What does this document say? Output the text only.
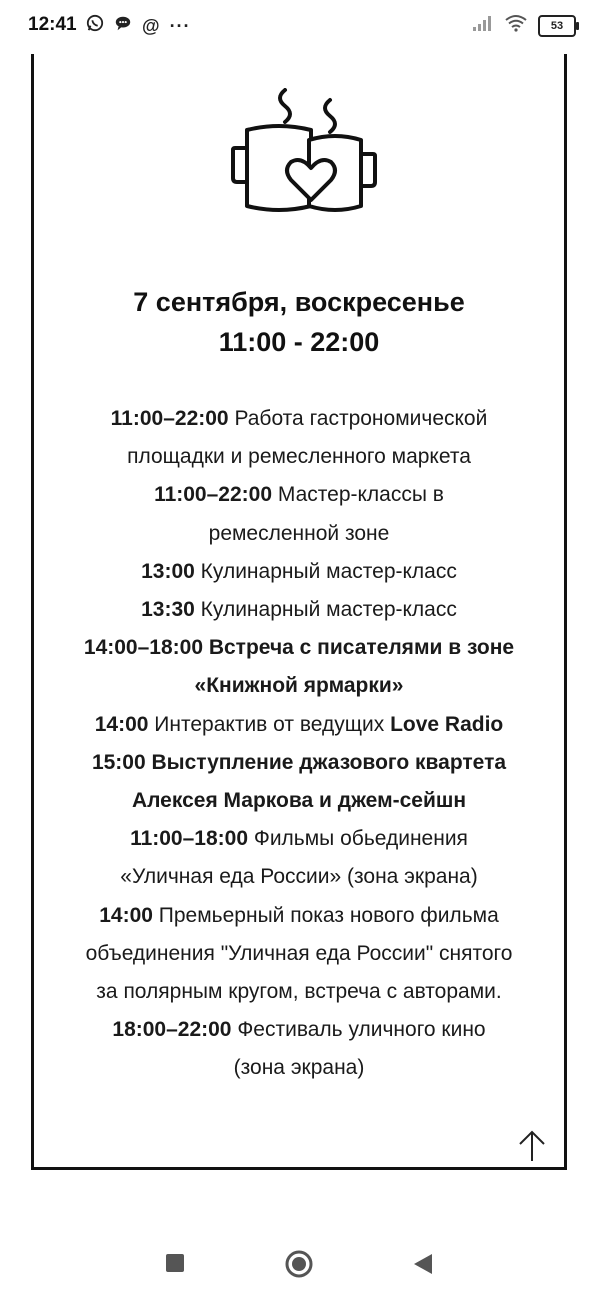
12:41	@ ···	53
7 сентября, воскресенье
11:00 - 22:00
11:00–22:00 Работа гастрономической
площадки и ремесленного маркета
11:00–22:00 Мастер-классы в
ремесленной зоне
13:00 Кулинарный мастер-класс
13:30 Кулинарный мастер-класс
14:00–18:00 Встреча с писателями в зоне
«Книжной ярмарки»
14:00 Интерактив от ведущих Love Radio
15:00 Выступление джазового квартета
Алексея Маркова и джем-сейшн
11:00–18:00 Фильмы обьединения
«Уличная еда России» (зона экрана)
14:00 Премьерный показ нового фильма
объединения "Уличная еда России" снятого
за полярным кругом, встреча с авторами.
18:00–22:00 Фестиваль уличного кино
(зона экрана)
